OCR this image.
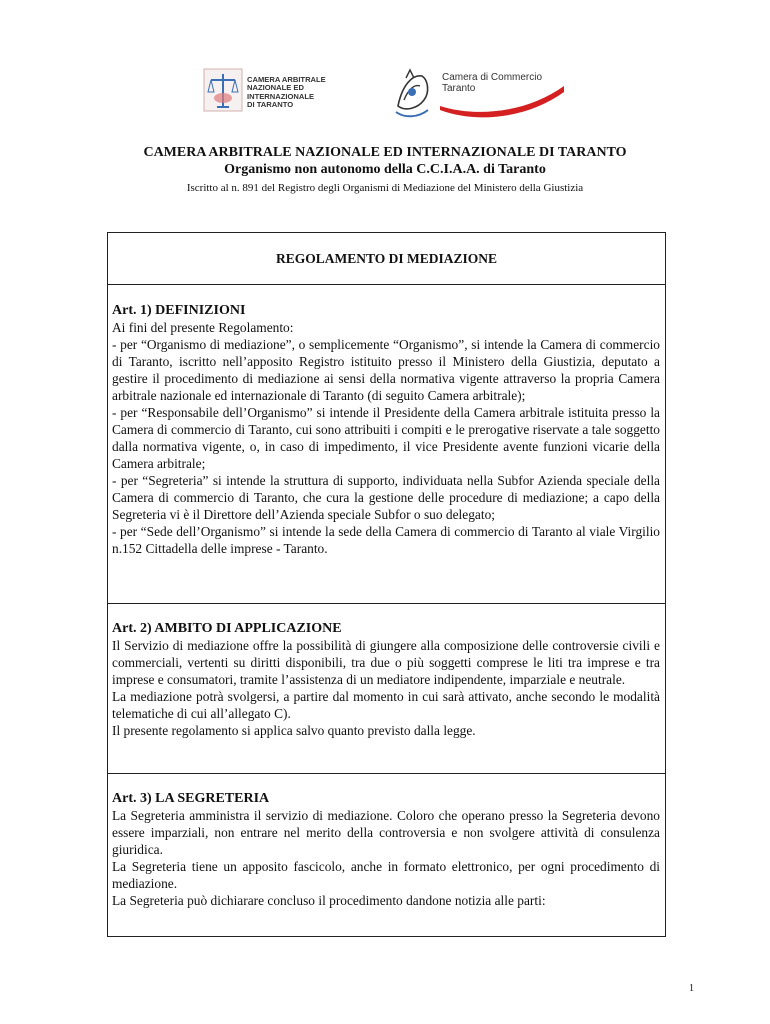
CAMERA ARBITRALE
NAZIONALE ED
INTERNAZIONALE
DI TARANTO
Camera di Commercio
Taranto
CAMERA ARBITRALE NAZIONALE ED INTERNAZIONALE DI TARANTO
Organismo non autonomo della C.C.I.A.A. di Taranto
Iscritto al n. 891 del Registro degli Organismi di Mediazione del Ministero della Giustizia
REGOLAMENTO DI MEDIAZIONE
Art. 1) DEFINIZIONI

Ai fini del presente Regolamento:

- per “Organismo di mediazione”, o semplicemente “Organismo”, si intende la Camera di commercio di Taranto, iscritto nell’apposito Registro istituito presso il Ministero della Giustizia, deputato a gestire il procedimento di mediazione ai sensi della normativa vigente attraverso la propria Camera arbitrale nazionale ed internazionale di Taranto (di seguito Camera arbitrale);

- per “Responsabile dell’Organismo” si intende il Presidente della Camera arbitrale istituita presso la Camera di commercio di Taranto, cui sono attribuiti i compiti e le prerogative riservate a tale soggetto dalla normativa vigente, o, in caso di impedimento, il vice Presidente avente funzioni vicarie della Camera arbitrale;

- per “Segreteria” si intende la struttura di supporto, individuata nella Subfor Azienda speciale della Camera di commercio di Taranto, che cura la gestione delle procedure di mediazione; a capo della Segreteria vi è il Direttore dell’Azienda speciale Subfor o suo delegato;

- per “Sede dell’Organismo” si intende la sede della Camera di commercio di Taranto al viale Virgilio n.152 Cittadella delle imprese - Taranto.

Art. 2) AMBITO DI APPLICAZIONE

Il Servizio di mediazione offre la possibilità di giungere alla composizione delle controversie civili e commerciali, vertenti su diritti disponibili, tra due o più soggetti comprese le liti tra imprese e tra imprese e consumatori, tramite l’assistenza di un mediatore indipendente, imparziale e neutrale.

La mediazione potrà svolgersi, a partire dal momento in cui sarà attivato, anche secondo le modalità telematiche di cui all’allegato C).

Il presente regolamento si applica salvo quanto previsto dalla legge.

Art. 3) LA SEGRETERIA

La Segreteria amministra il servizio di mediazione. Coloro che operano presso la Segreteria devono essere imparziali, non entrare nel merito della controversia e non svolgere attività di consulenza giuridica.

La Segreteria tiene un apposito fascicolo, anche in formato elettronico, per ogni procedimento di mediazione.

La Segreteria può dichiarare concluso il procedimento dandone notizia alle parti:

1
